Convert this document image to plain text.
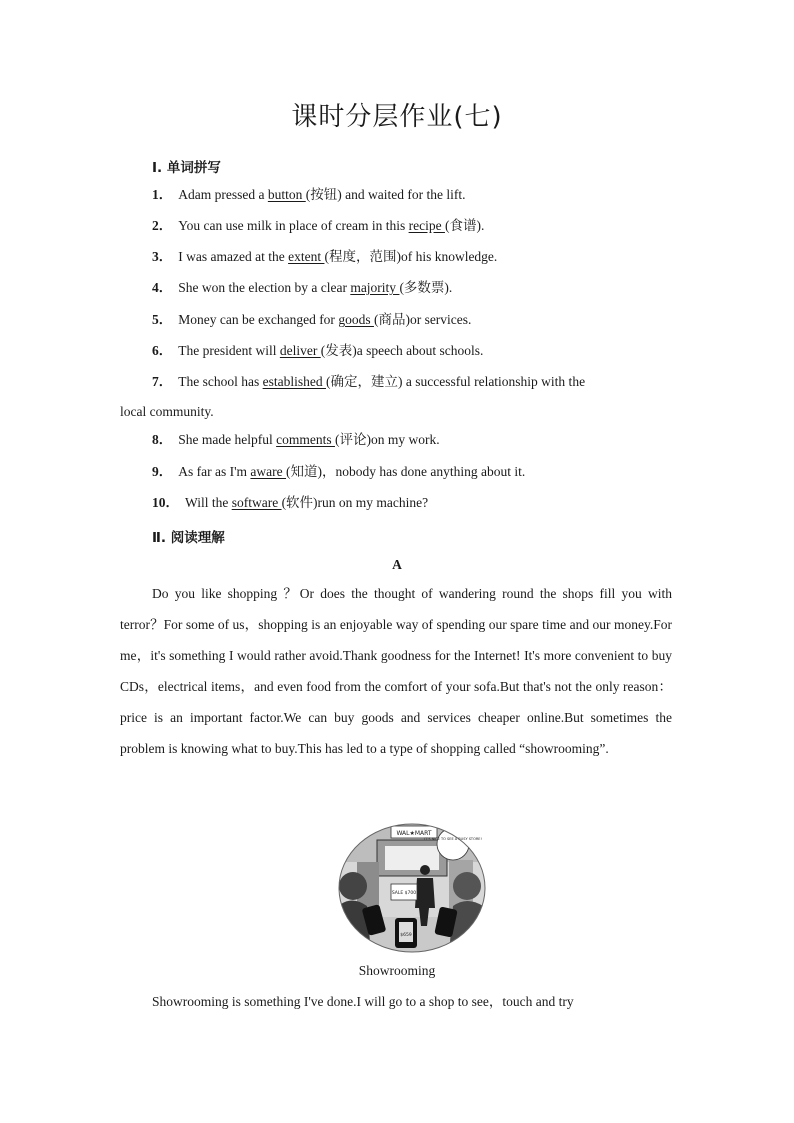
课时分层作业(七)
Ⅰ. 单词拼写
1． Adam pressed a button (按钮) and waited for the lift.
2． You can use milk in place of cream in this recipe (食谱).
3． I was amazed at the extent (程度，范围)of his knowledge.
4． She won the election by a clear majority (多数票).
5． Money can be exchanged for goods (商品)or services.
6． The president will deliver (发表)a speech about schools.
7． The school has established (确定，建立) a successful relationship with the
8． She made helpful comments (评论)on my work.
9． As far as I'm aware (知道)，nobody has done anything about it.
10． Will the software (软件)run on my machine?
local community.
Ⅱ. 阅读理解
A
Do you like shopping ？Or does the thought of wandering round the shops fill you with terror？For some of us，shopping is an enjoyable way of spending our spare time and our money.For me，it's something I would rather avoid.Thank goodness for the Internet! It's more convenient to buy CDs，electrical items，and even food from the comfort of your sofa.But that's not the only reason：price is an important factor.We can buy goods and services cheaper online.But sometimes the problem is knowing what to buy.This has led to a type of shopping called “showrooming”.
WAL★MART
IT'S NICE TO SEE A BUSY STORE!
SALE $700
$659
Showrooming
Showrooming is something I've done.I will go to a shop to see，touch and try
